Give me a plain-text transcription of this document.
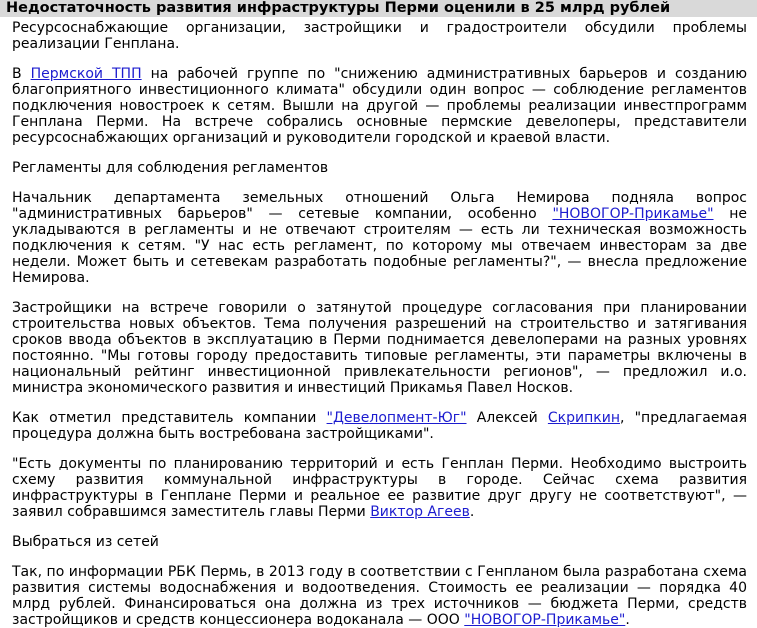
Недостаточность развития инфраструктуры Перми оценили в 25 млрд рублей

Ресурсоснабжающие организации, застройщики и градостроители обсудили проблемы реализации Генплана.

В Пермской ТПП на рабочей группе по "снижению административных барьеров и созданию благоприятного инвестиционного климата" обсудили один вопрос — соблюдение регламентов подключения новостроек к сетям. Вышли на другой — проблемы реализации инвестпрограмм Генплана Перми. На встрече собрались основные пермские девелоперы, представители ресурсоснабжающих организаций и руководители городской и краевой власти.

Регламенты для соблюдения регламентов

Начальник департамента земельных отношений Ольга Немирова подняла вопрос "административных барьеров" — сетевые компании, особенно "НОВОГОР-Прикамье" не укладываются в регламенты и не отвечают строителям — есть ли техническая возможность подключения к сетям. "У нас есть регламент, по которому мы отвечаем инвесторам за две недели. Может быть и сетевекам разработать подобные регламенты?", — внесла предложение Немирова.

Застройщики на встрече говорили о затянутой процедуре согласования при планировании строительства новых объектов. Тема получения разрешений на строительство и затягивания сроков ввода объектов в эксплуатацию в Перми поднимается девелоперами на разных уровнях постоянно. "Мы готовы городу предоставить типовые регламенты, эти параметры включены в национальный рейтинг инвестиционной привлекательности регионов", — предложил и.о. министра экономического развития и инвестиций Прикамья Павел Носков.

Как отметил представитель компании "Девелопмент-Юг" Алексей Скрипкин, "предлагаемая процедура должна быть востребована застройщиками".

"Есть документы по планированию территорий и есть Генплан Перми. Необходимо выстроить схему развития коммунальной инфраструктуры в городе. Сейчас схема развития инфраструктуры в Генплане Перми и реальное ее развитие друг другу не соответствуют", — заявил собравшимся заместитель главы Перми Виктор Агеев.

Выбраться из сетей

Так, по информации РБК Пермь, в 2013 году в соответствии с Генпланом была разработана схема развития системы водоснабжения и водоотведения. Стоимость ее реализации — порядка 40 млрд рублей. Финансироваться она должна из трех источников — бюджета Перми, средств застройщиков и средств концессионера водоканала — ООО "НОВОГОР-Прикамье".
